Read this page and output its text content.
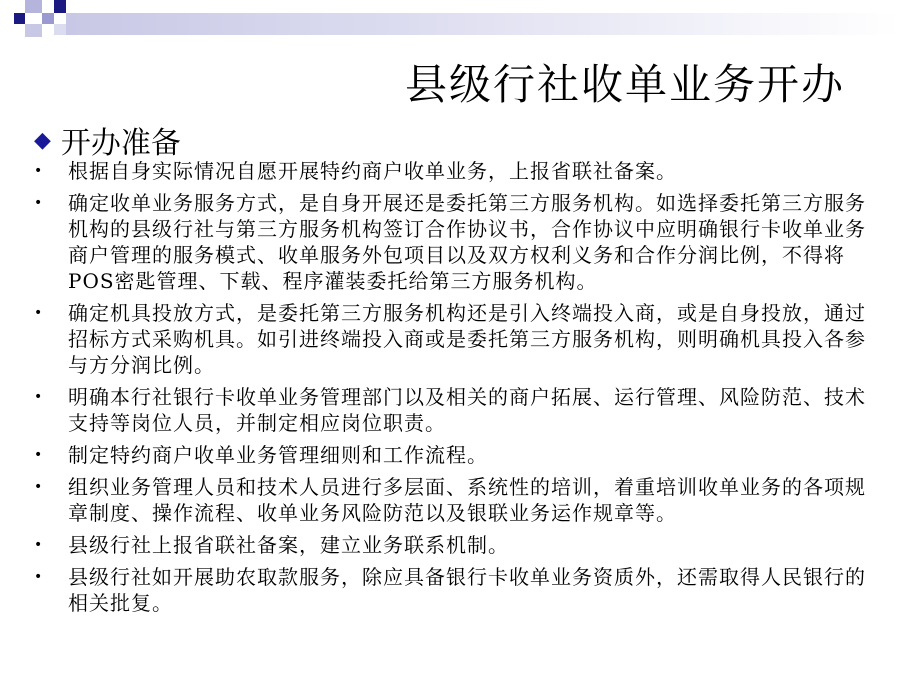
县级行社收单业务开办
◆ 开办准备
• 根据自身实际情况自愿开展特约商户收单业务，上报省联社备案。
• 确定收单业务服务方式，是自身开展还是委托第三方服务机构。如选择委托第三方服务机构的县级行社与第三方服务机构签订合作协议书，合作协议中应明确银行卡收单业务商户管理的服务模式、收单服务外包项目以及双方权利义务和合作分润比例，不得将POS密匙管理、下载、程序灌装委托给第三方服务机构。
• 确定机具投放方式，是委托第三方服务机构还是引入终端投入商，或是自身投放，通过招标方式采购机具。如引进终端投入商或是委托第三方服务机构，则明确机具投入各参与方分润比例。
• 明确本行社银行卡收单业务管理部门以及相关的商户拓展、运行管理、风险防范、技术支持等岗位人员，并制定相应岗位职责。
• 制定特约商户收单业务管理细则和工作流程。
• 组织业务管理人员和技术人员进行多层面、系统性的培训，着重培训收单业务的各项规章制度、操作流程、收单业务风险防范以及银联业务运作规章等。
• 县级行社上报省联社备案，建立业务联系机制。
• 县级行社如开展助农取款服务，除应具备银行卡收单业务资质外，还需取得人民银行的相关批复。
